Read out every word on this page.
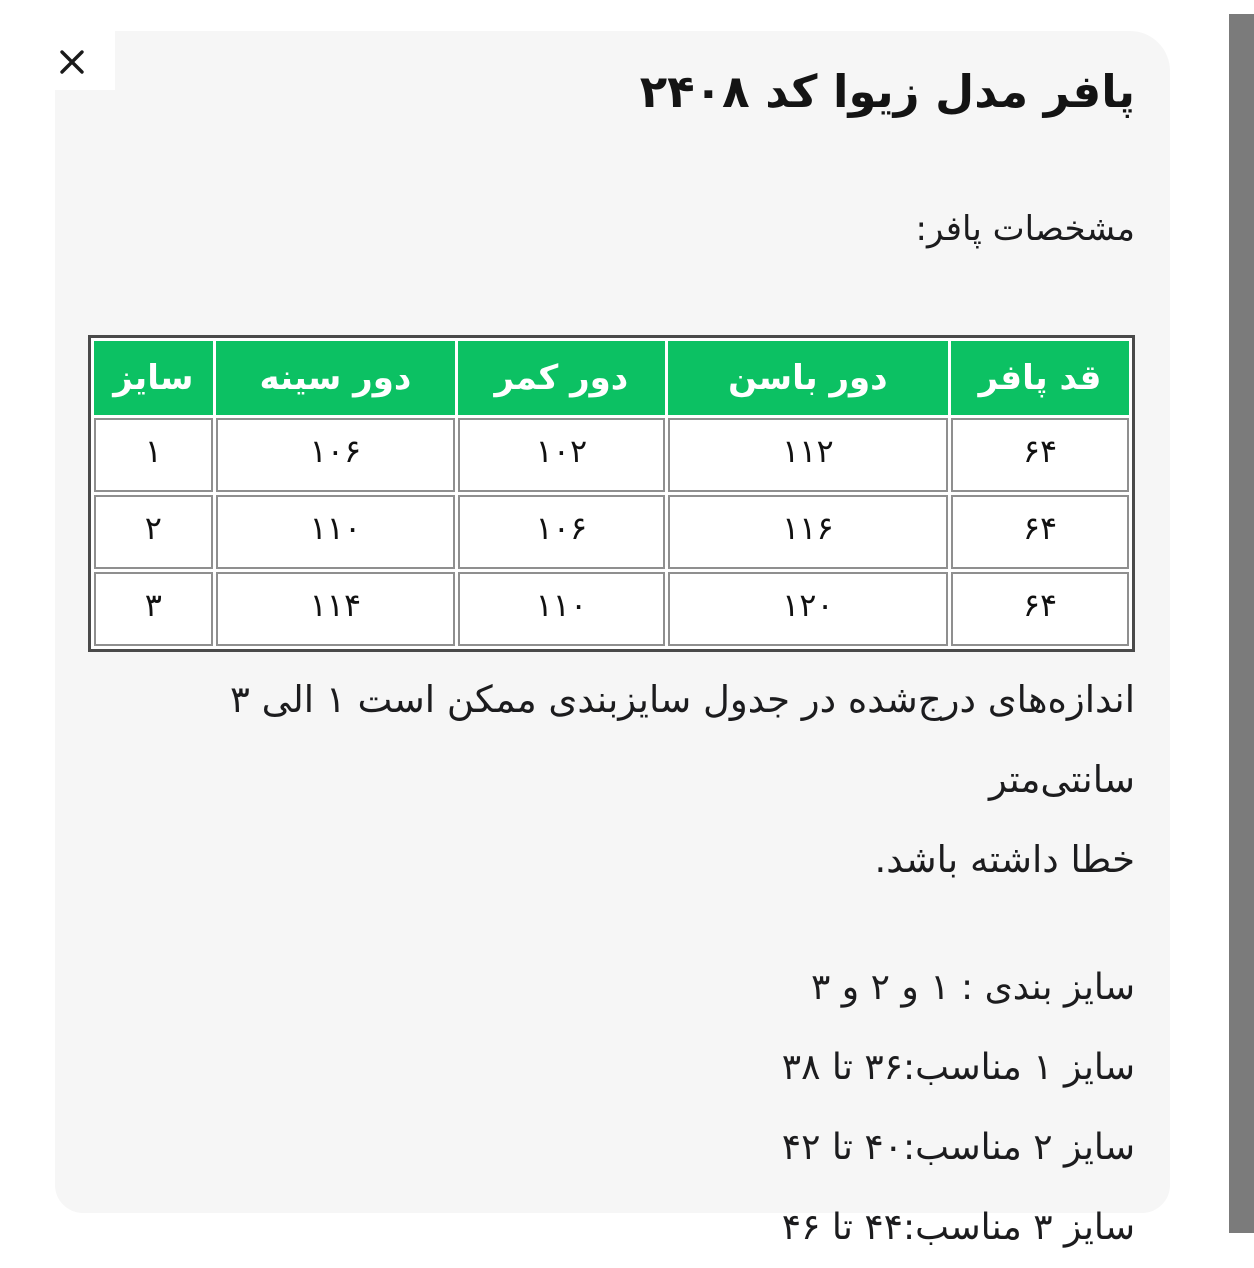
پافر مدل زیوا کد ۲۴۰۸
مشخصات پافر:
قد پافر	دور باسن	دور کمر	دور سینه	سایز
۶۴	۱۱۲	۱۰۲	۱۰۶	۱
۶۴	۱۱۶	۱۰۶	۱۱۰	۲
۶۴	۱۲۰	۱۱۰	۱۱۴	۳

اندازه‌های درج‌شده در جدول سایزبندی ممکن است ۱ الی ۳ سانتی‌متر
خطا داشته باشد.

سایز بندی : ۱ و ۲ و ۳

سایز ۱ مناسب:۳۶ تا ۳۸

سایز ۲ مناسب:۴۰ تا ۴۲

سایز ۳ مناسب:۴۴ تا ۴۶
